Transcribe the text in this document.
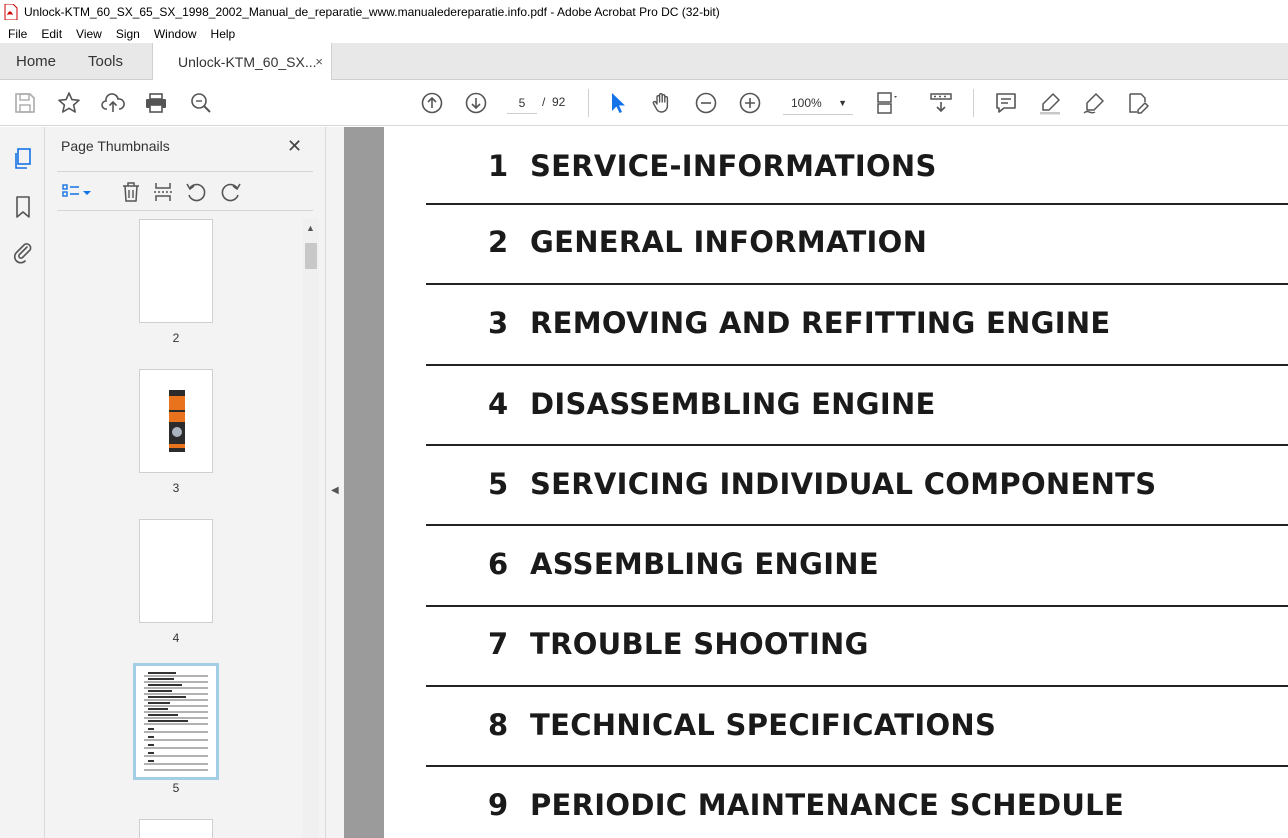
Unlock-KTM_60_SX_65_SX_1998_2002_Manual_de_reparatie_www.manualedereparatie.info.pdf - Adobe Acrobat Pro DC (32-bit)
File	Edit	View	Sign	Window	Help
Home Tools	Unlock-KTM_60_SX...
×
5
/ 92	100% ▼
Page Thumbnails	✕
2
3
4
5
▲
◀
1 SERVICE-INFORMATIONS
2 GENERAL INFORMATION
3 REMOVING AND REFITTING ENGINE
4 DISASSEMBLING ENGINE
5 SERVICING INDIVIDUAL COMPONENTS
6 ASSEMBLING ENGINE
7 TROUBLE SHOOTING
8 TECHNICAL SPECIFICATIONS
9 PERIODIC MAINTENANCE SCHEDULE
